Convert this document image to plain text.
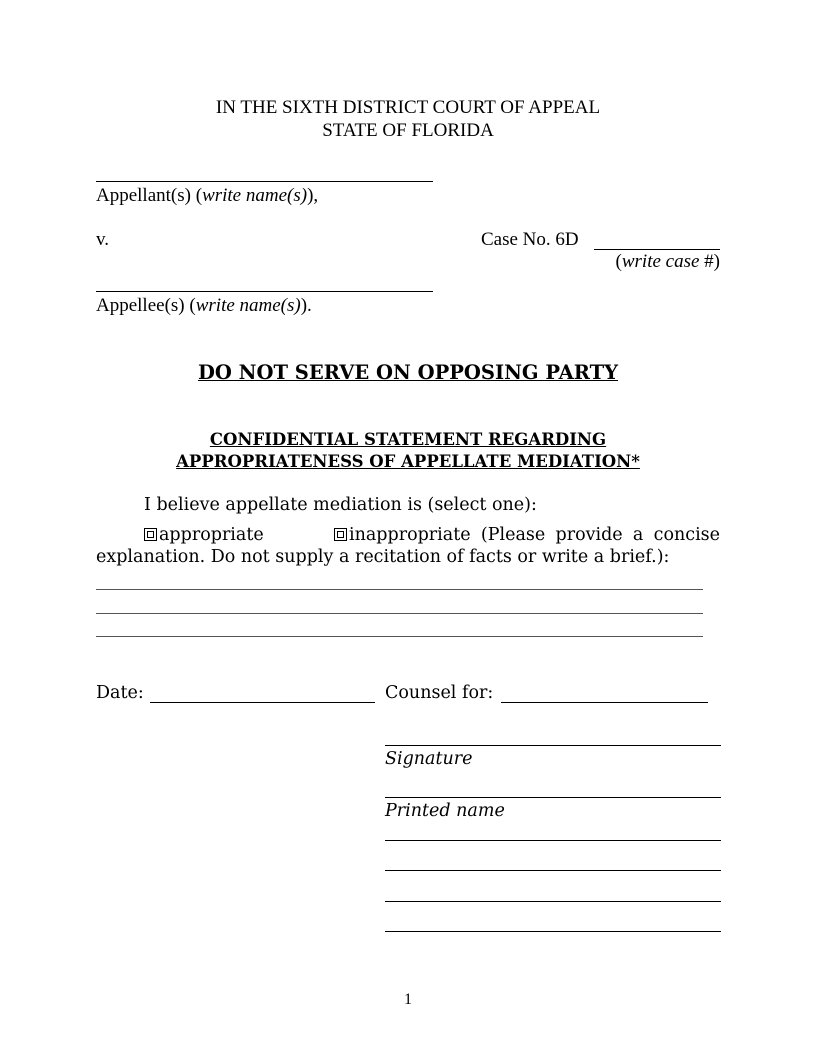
IN THE SIXTH DISTRICT COURT OF APPEAL
STATE OF FLORIDA
Appellant(s) (write name(s)),
v.	Case No. 6D
(write case #)
Appellee(s) (write name(s)).
DO NOT SERVE ON OPPOSING PARTY
CONFIDENTIAL STATEMENT REGARDING
APPROPRIATENESS OF APPELLATE MEDIATION*
I believe appellate mediation is (select one):
appropriate	inappropriate (Please provide a concise
explanation. Do not supply a recitation of facts or write a brief.):
Date:	Counsel for:
Signature
Printed name
1
